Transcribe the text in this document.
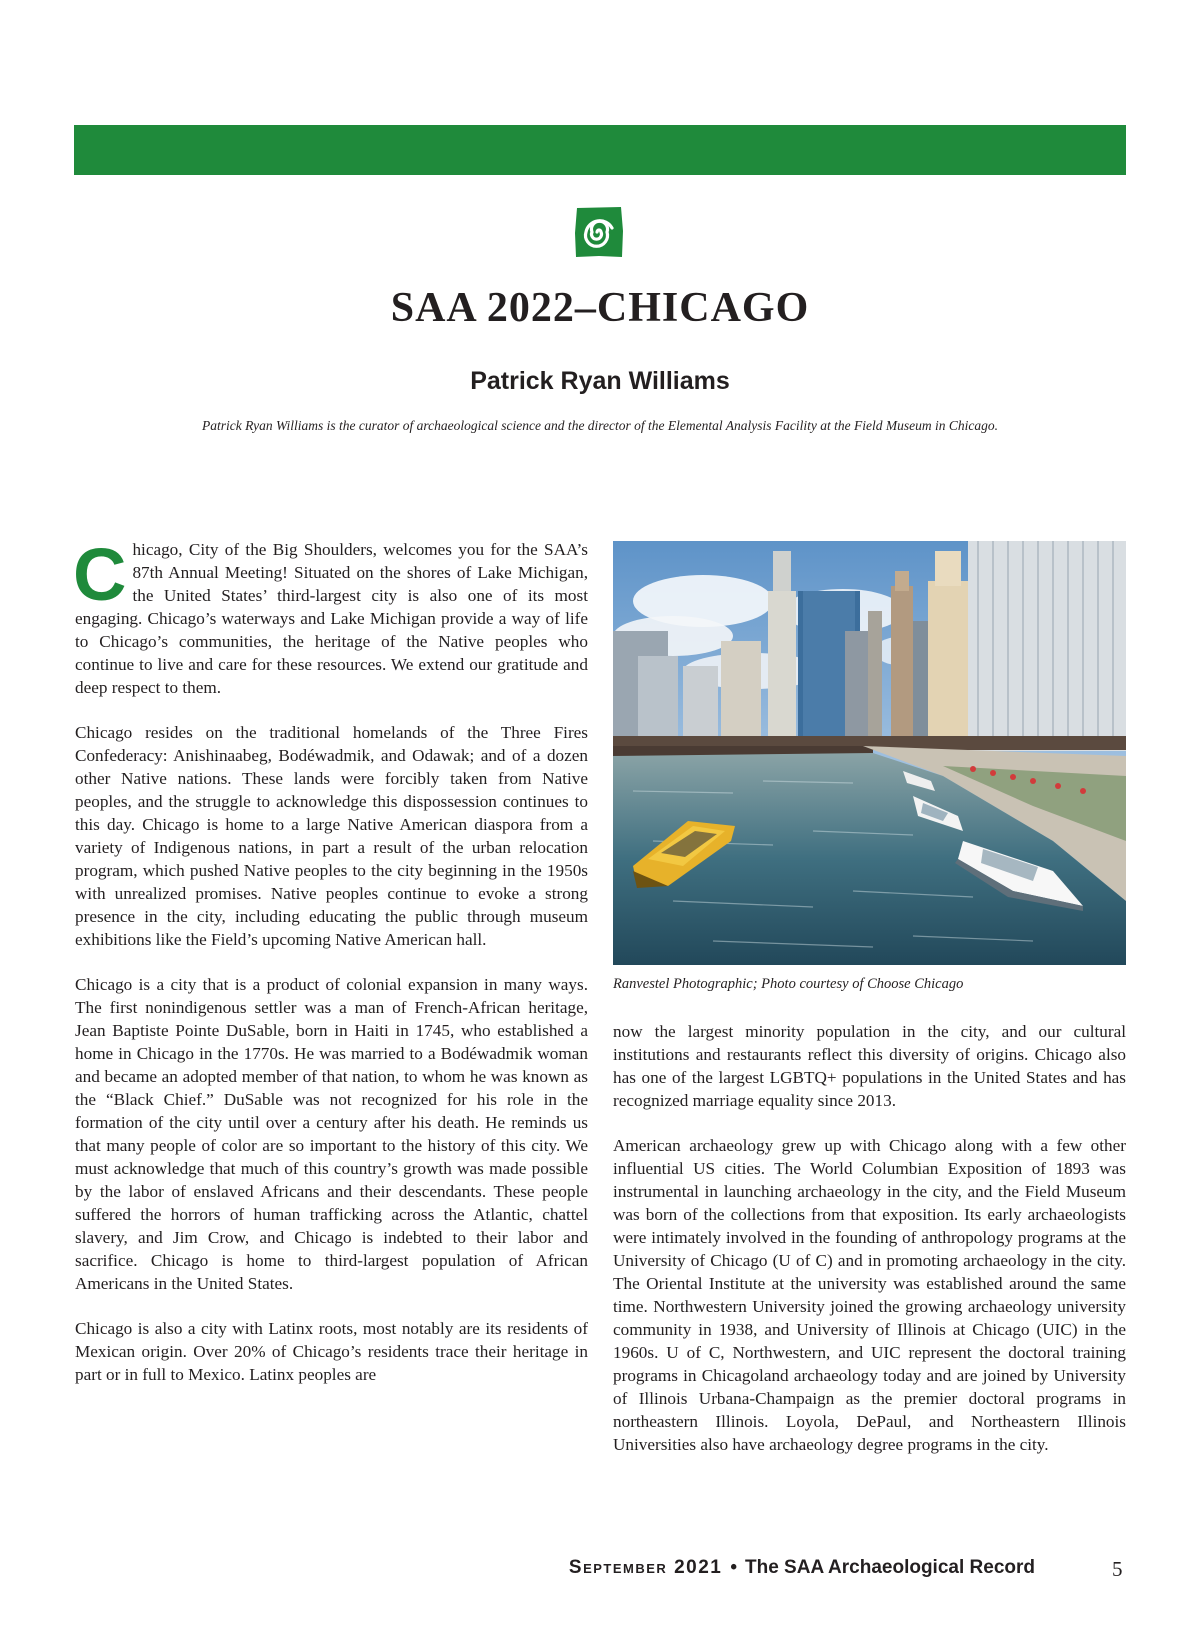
SAA 2022–CHICAGO
Patrick Ryan Williams
Patrick Ryan Williams is the curator of archaeological science and the director of the Elemental Analysis Facility at the Field Museum in Chicago.

Chicago, City of the Big Shoulders, welcomes you for the SAA’s 87th Annual Meeting! Situated on the shores of Lake Michigan, the United States’ third-largest city is also one of its most engaging. Chicago’s waterways and Lake Michigan provide a way of life to Chicago’s communities, the heritage of the Native peoples who continue to live and care for these resources. We extend our gratitude and deep respect to them.

Chicago resides on the traditional homelands of the Three Fires Confederacy: Anishinaabeg, Bodéwadmik, and Odawak; and of a dozen other Native nations. These lands were forcibly taken from Native peoples, and the struggle to acknowledge this dispossession continues to this day. Chicago is home to a large Native American diaspora from a variety of Indigenous nations, in part a result of the urban relocation program, which pushed Native peoples to the city beginning in the 1950s with unrealized promises. Native peoples continue to evoke a strong presence in the city, including educating the public through museum exhibitions like the Field’s upcoming Native American hall.

Chicago is a city that is a product of colonial expansion in many ways. The first nonindigenous settler was a man of French-African heritage, Jean Baptiste Pointe DuSable, born in Haiti in 1745, who established a home in Chicago in the 1770s. He was married to a Bodéwadmik woman and became an adopted member of that nation, to whom he was known as the “Black Chief.” DuSable was not recognized for his role in the formation of the city until over a century after his death. He reminds us that many people of color are so important to the history of this city. We must acknowledge that much of this country’s growth was made possible by the labor of enslaved Africans and their descendants. These people suffered the horrors of human trafficking across the Atlantic, chattel slavery, and Jim Crow, and Chicago is indebted to their labor and sacrifice. Chicago is home to third-largest population of African Americans in the United States.

Chicago is also a city with Latinx roots, most notably are its residents of Mexican origin. Over 20% of Chicago’s residents trace their heritage in part or in full to Mexico. Latinx peoples are

Ranvestel Photographic; Photo courtesy of Choose Chicago

now the largest minority population in the city, and our cultural institutions and restaurants reflect this diversity of origins. Chicago also has one of the largest LGBTQ+ populations in the United States and has recognized marriage equality since 2013.

American archaeology grew up with Chicago along with a few other influential US cities. The World Columbian Exposition of 1893 was instrumental in launching archaeology in the city, and the Field Museum was born of the collections from that exposition. Its early archaeologists were intimately involved in the founding of anthropology programs at the University of Chicago (U of C) and in promoting archaeology in the city. The Oriental Institute at the university was established around the same time. Northwestern University joined the growing archaeology university community in 1938, and University of Illinois at Chicago (UIC) in the 1960s. U of C, Northwestern, and UIC represent the doctoral training programs in Chicagoland archaeology today and are joined by University of Illinois Urbana-Champaign as the premier doctoral programs in northeastern Illinois. Loyola, DePaul, and Northeastern Illinois Universities also have archaeology degree programs in the city.

September 2021 • The SAA Archaeological Record	5
